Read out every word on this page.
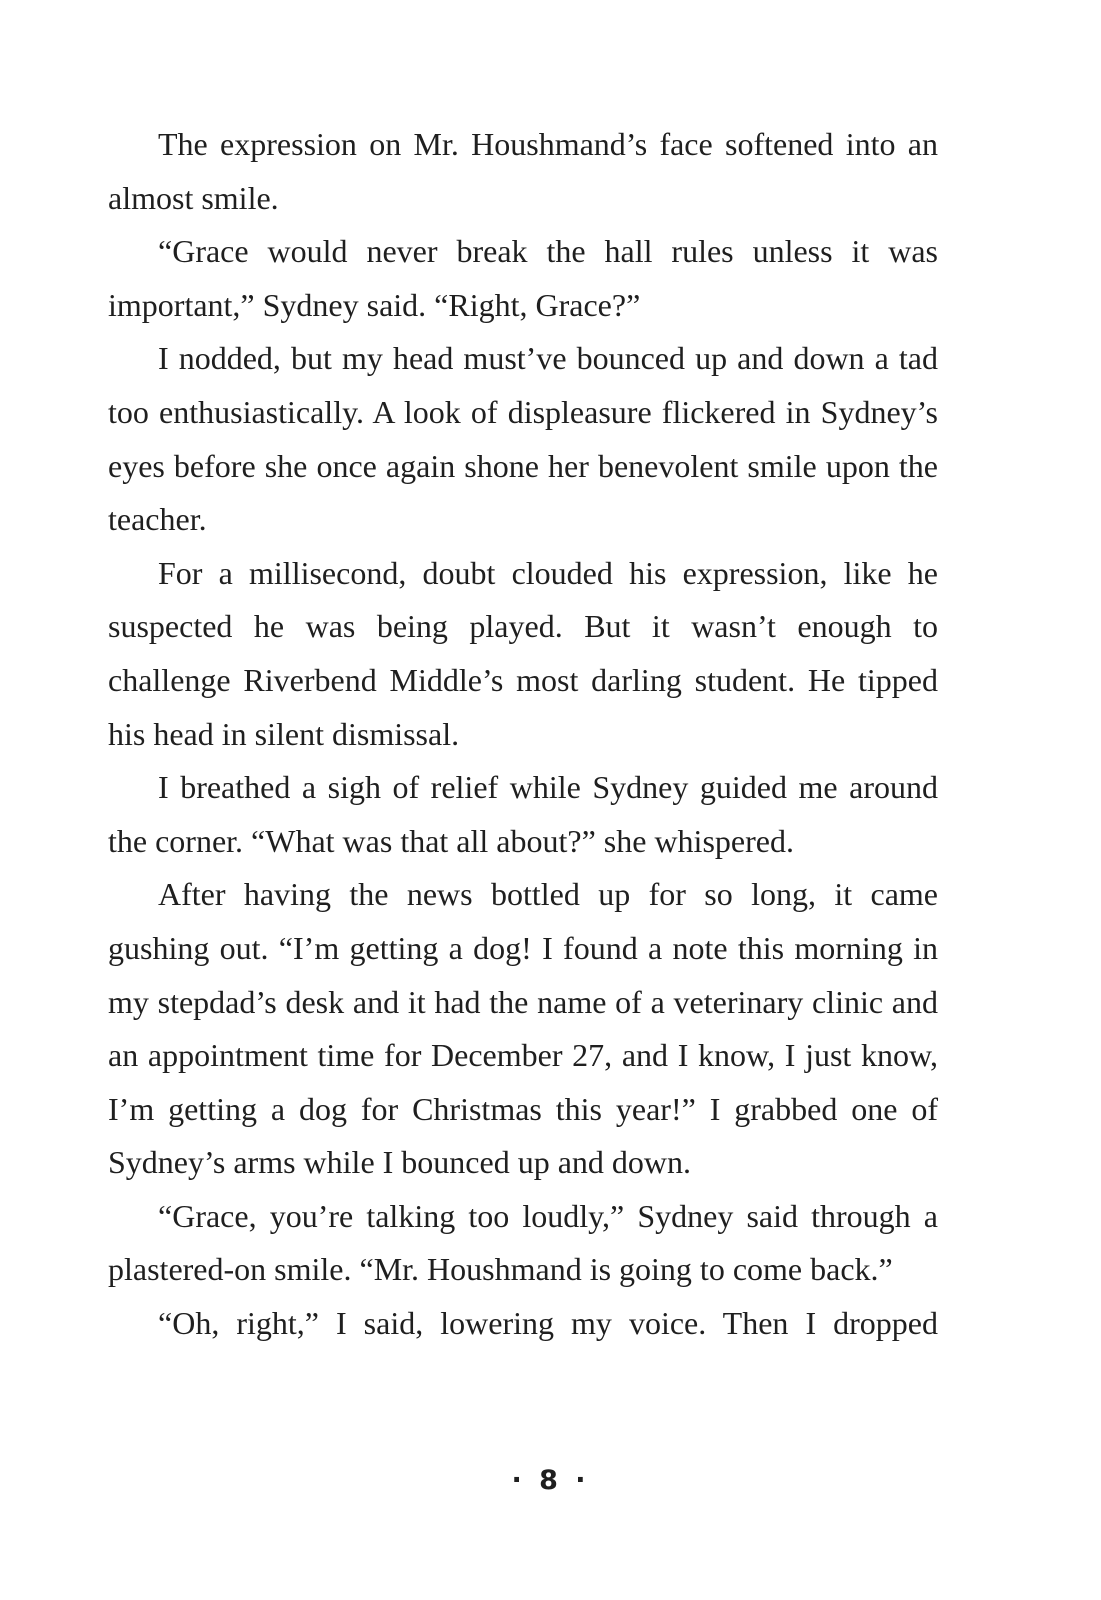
The expression on Mr. Houshmand’s face softened into an almost smile.

“Grace would never break the hall rules unless it was important,” Sydney said. “Right, Grace?”

I nodded, but my head must’ve bounced up and down a tad too enthusiastically. A look of displeasure flickered in Sydney’s eyes before she once again shone her benevolent smile upon the teacher.

For a millisecond, doubt clouded his expression, like he suspected he was being played. But it wasn’t enough to challenge Riverbend Middle’s most darling student. He tipped his head in silent dismissal.

I breathed a sigh of relief while Sydney guided me around the corner. “What was that all about?” she whispered.

After having the news bottled up for so long, it came gushing out. “I’m getting a dog! I found a note this morning in my stepdad’s desk and it had the name of a veterinary clinic and an appointment time for December 27, and I know, I just know, I’m getting a dog for Christmas this year!” I grabbed one of Sydney’s arms while I bounced up and down.

“Grace, you’re talking too loudly,” Sydney said through a plastered-on smile. “Mr. Houshmand is going to come back.”

“Oh, right,” I said, lowering my voice. Then I dropped

· 8 ·
